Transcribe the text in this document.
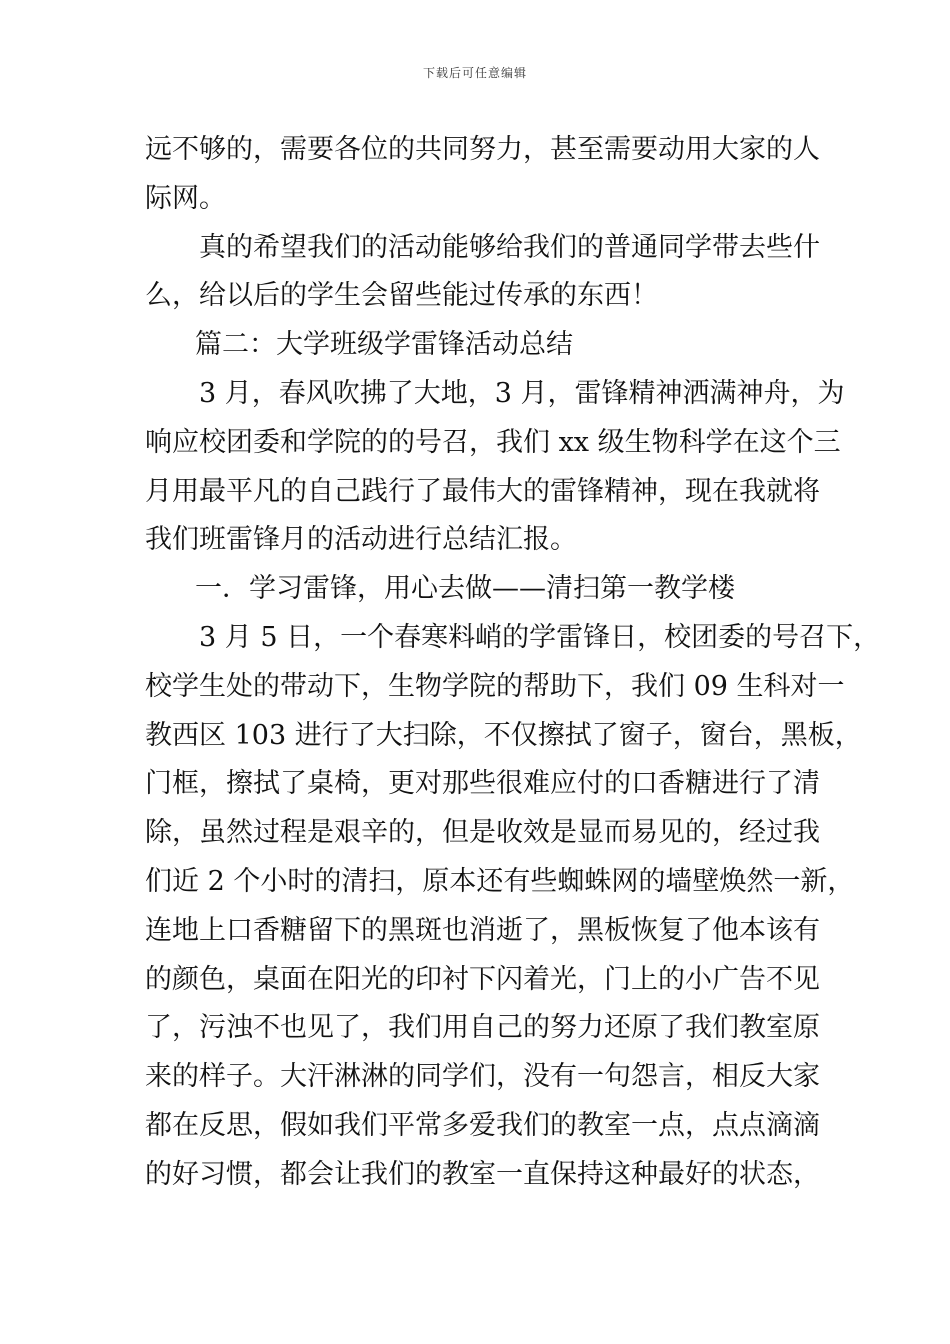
下载后可任意编辑
远不够的，需要各位的共同努力，甚至需要动用大家的人
际网。
真的希望我们的活动能够给我们的普通同学带去些什
么，给以后的学生会留些能过传承的东西！
篇二：大学班级学雷锋活动总结
3 月，春风吹拂了大地，3 月，雷锋精神洒满神舟，为
响应校团委和学院的的号召，我们 xx 级生物科学在这个三
月用最平凡的自己践行了最伟大的雷锋精神，现在我就将
我们班雷锋月的活动进行总结汇报。
一．学习雷锋，用心去做——清扫第一教学楼
3 月 5 日，一个春寒料峭的学雷锋日，校团委的号召下，
校学生处的带动下，生物学院的帮助下，我们 09 生科对一
教西区 103 进行了大扫除，不仅擦拭了窗子，窗台，黑板，
门框，擦拭了桌椅，更对那些很难应付的口香糖进行了清
除，虽然过程是艰辛的，但是收效是显而易见的，经过我
们近 2 个小时的清扫，原本还有些蜘蛛网的墙壁焕然一新，
连地上口香糖留下的黑斑也消逝了，黑板恢复了他本该有
的颜色，桌面在阳光的印衬下闪着光，门上的小广告不见
了，污浊不也见了，我们用自己的努力还原了我们教室原
来的样子。大汗淋淋的同学们，没有一句怨言，相反大家
都在反思，假如我们平常多爱我们的教室一点，点点滴滴
的好习惯，都会让我们的教室一直保持这种最好的状态，
